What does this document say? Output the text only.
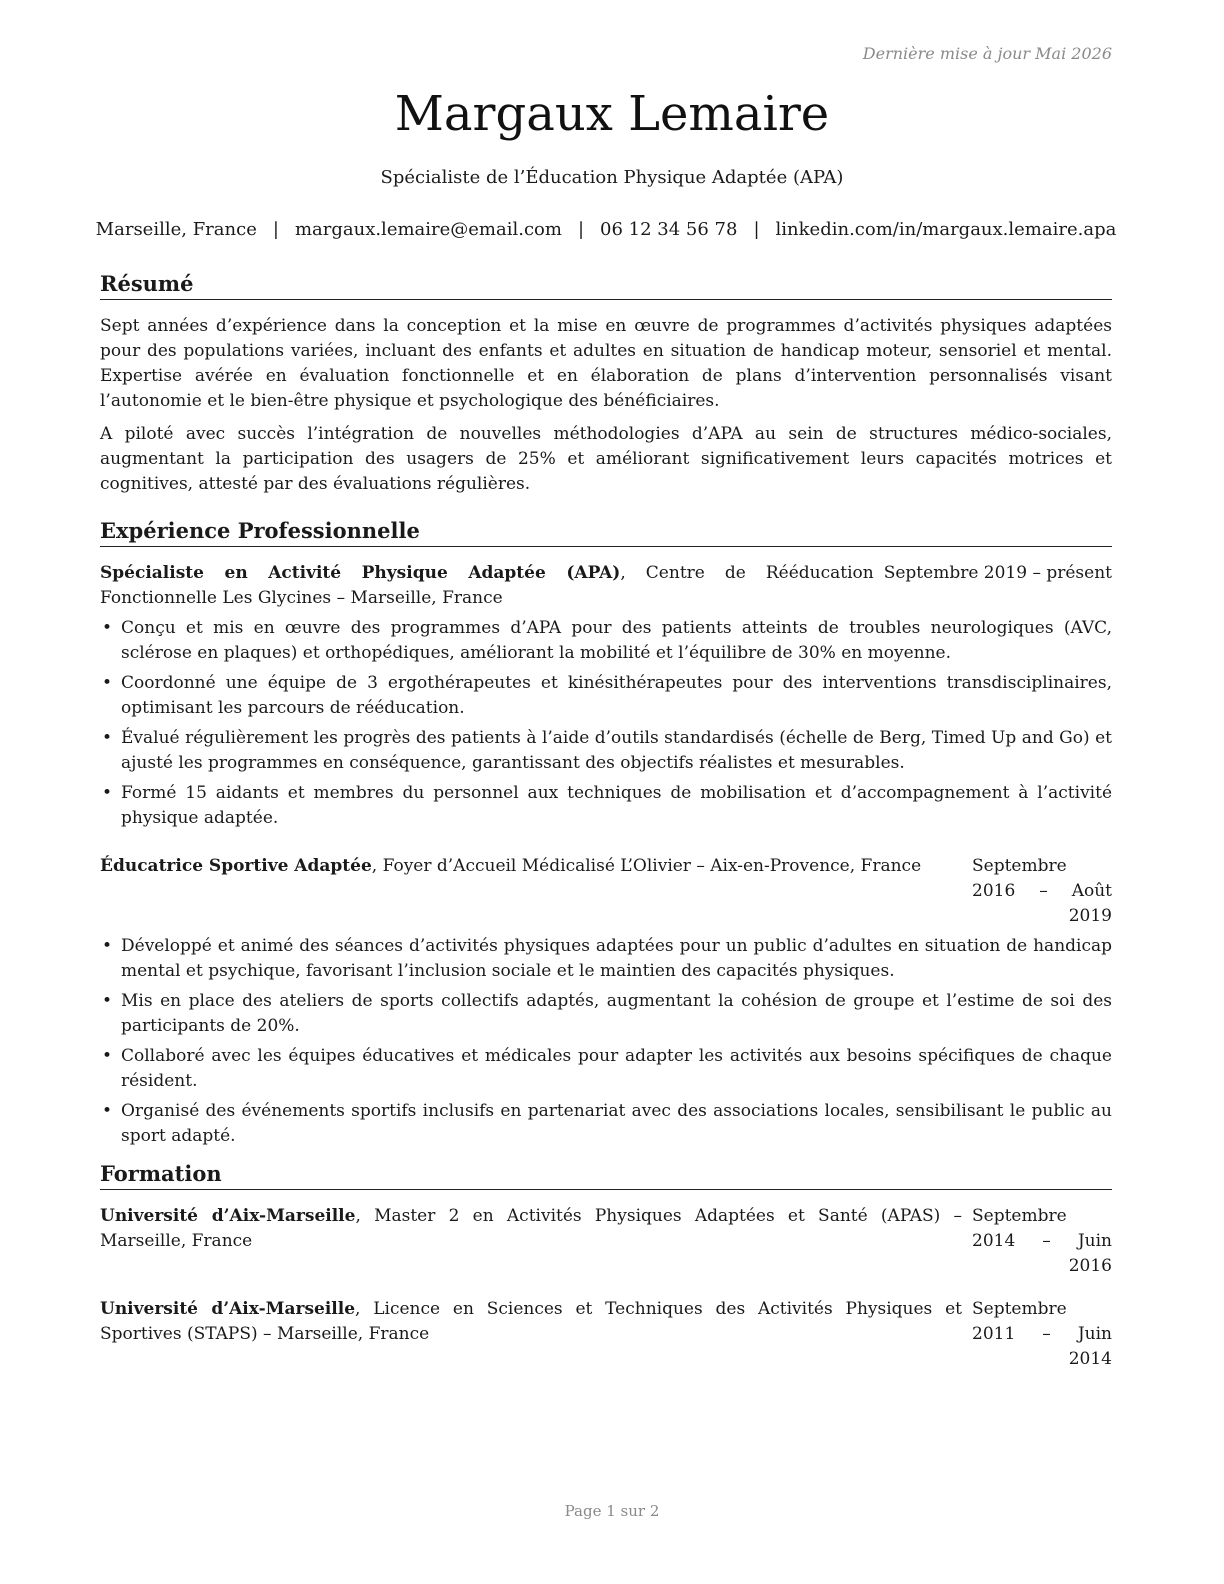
Dernière mise à jour Mai 2026
Margaux Lemaire
Spécialiste de l’Éducation Physique Adaptée (APA)
Marseille, France | margaux.lemaire@email.com | 06 12 34 56 78 | linkedin.com/in/margaux.lemaire.apa
Résumé

Sept années d’expérience dans la conception et la mise en œuvre de programmes d’activités physiques adaptées pour des populations variées, incluant des enfants et adultes en situation de handicap moteur, sensoriel et mental. Expertise avérée en évaluation fonctionnelle et en élaboration de plans d’intervention personnalisés visant l’autonomie et le bien-être physique et psychologique des bénéficiaires.

A piloté avec succès l’intégration de nouvelles méthodologies d’APA au sein de structures médico-sociales, augmentant la participation des usagers de 25% et améliorant significativement leurs capacités motrices et cognitives, attesté par des évaluations régulières.

Expérience Professionnelle
Spécialiste en Activité Physique Adaptée (APA), Centre de Rééducation Fonctionnelle Les Glycines – Marseille, France
Septembre 2019 – présent
• Conçu et mis en œuvre des programmes d’APA pour des patients atteints de troubles neurologiques (AVC, sclérose en plaques) et orthopédiques, améliorant la mobilité et l’équilibre de 30% en moyenne.
• Coordonné une équipe de 3 ergothérapeutes et kinésithérapeutes pour des interventions transdisciplinaires, optimisant les parcours de rééducation.
• Évalué régulièrement les progrès des patients à l’aide d’outils standardisés (échelle de Berg, Timed Up and Go) et ajusté les programmes en conséquence, garantissant des objectifs réalistes et mesurables.
• Formé 15 aidants et membres du personnel aux techniques de mobilisation et d’accompagnement à l’activité physique adaptée.
Éducatrice Sportive Adaptée, Foyer d’Accueil Médicalisé L’Olivier – Aix-en-Provence, France	Septembre 2016 – Août 2019
• Développé et animé des séances d’activités physiques adaptées pour un public d’adultes en situation de handicap mental et psychique, favorisant l’inclusion sociale et le maintien des capacités physiques.
• Mis en place des ateliers de sports collectifs adaptés, augmentant la cohésion de groupe et l’estime de soi des participants de 20%.
• Collaboré avec les équipes éducatives et médicales pour adapter les activités aux besoins spécifiques de chaque résident.
• Organisé des événements sportifs inclusifs en partenariat avec des associations locales, sensibilisant le public au sport adapté.
Formation
Université d’Aix-Marseille, Master 2 en Activités Physiques Adaptées et Santé (APAS) – Marseille, France
Septembre 2014 – Juin 2016
Université d’Aix-Marseille, Licence en Sciences et Techniques des Activités Physiques et Sportives (STAPS) – Marseille, France
Septembre 2011 – Juin 2014
Page 1 sur 2
